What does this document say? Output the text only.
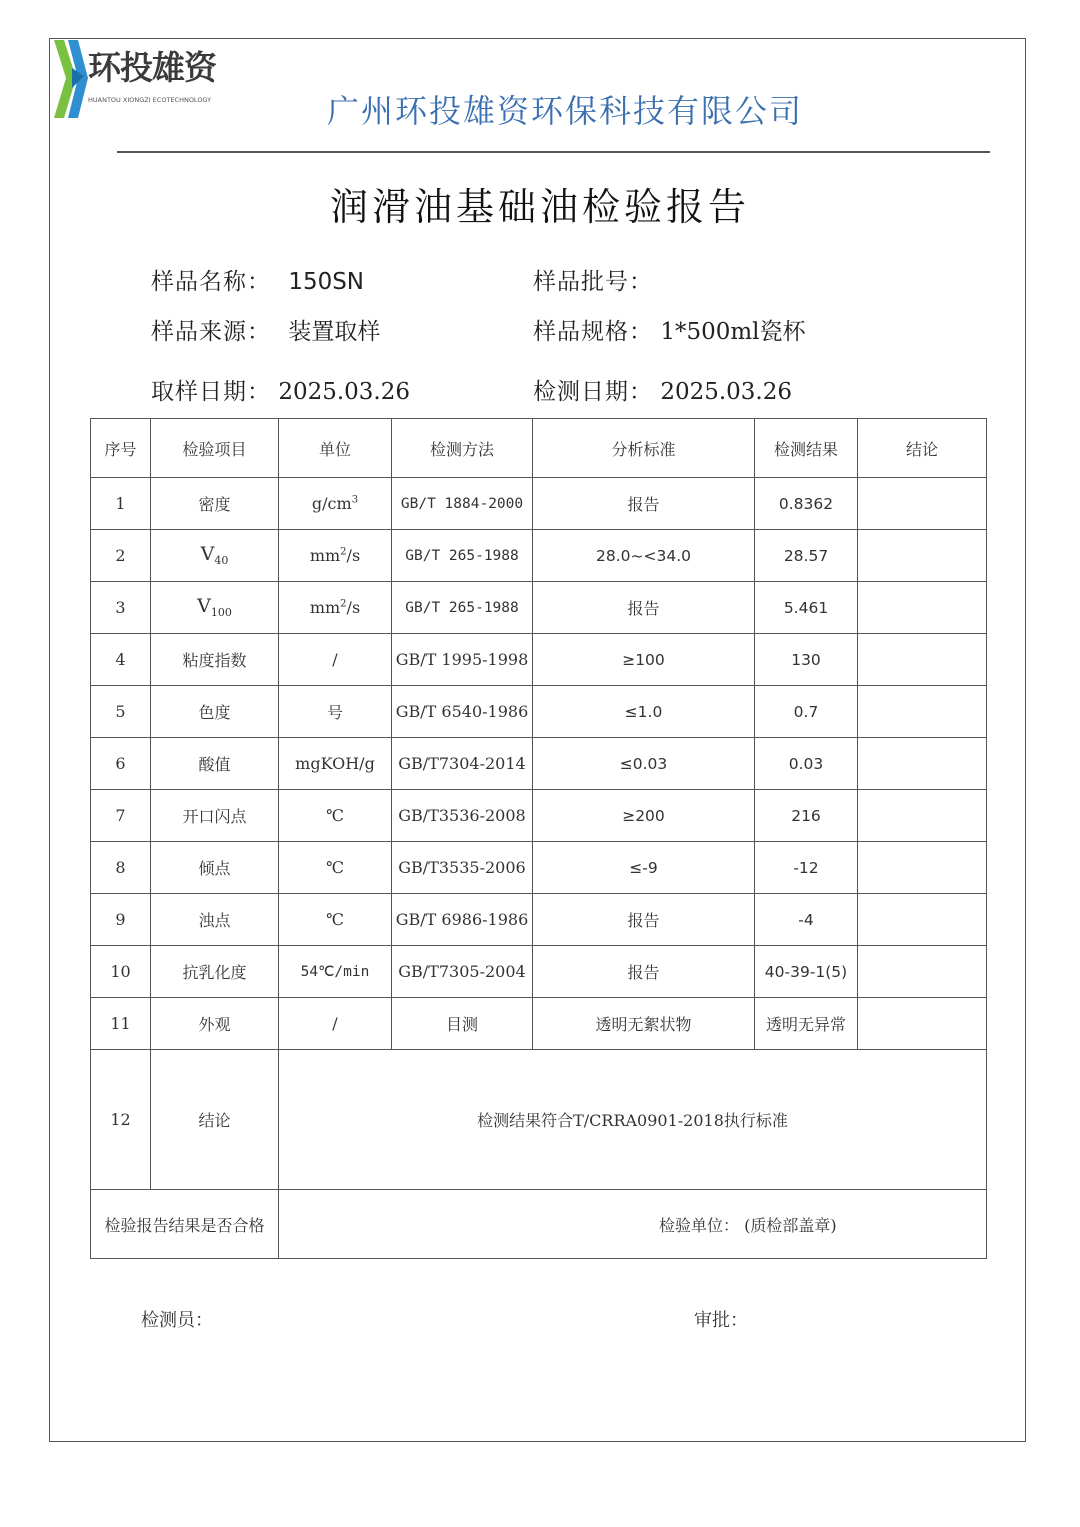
环投雄资
HUANTOU XIONGZI ECOTECHNOLOGY	广州环投雄资环保科技有限公司
润滑油基础油检验报告
样品名称： 150SN	样品批号：
样品来源： 装置取样	样品规格： 1*500ml瓷杯
取样日期： 2025.03.26	检测日期： 2025.03.26
序号	检验项目	单位	检测方法	分析标准	检测结果	结论
1	密度	$g/cm^3$	GB/T 1884-2000	报告	0.8362	
2	$V_{40}$	$mm^2/s$	GB/T 265-1988	28.0~<34.0	28.57	
3	$V_{100}$	$mm^2/s$	GB/T 265-1988	报告	5.461	
4	粘度指数	/	GB/T 1995-1998	≥100	130	
5	色度	号	GB/T 6540-1986	≤1.0	0.7	
6	酸值	mgKOH/g	GB/T7304-2014	≤0.03	0.03	
7	开口闪点	℃	GB/T3536-2008	≥200	216	
8	倾点	℃	GB/T3535-2006	≤-9	-12	
9	浊点	℃	GB/T 6986-1986	报告	-4	
10	抗乳化度	54℃/min	GB/T7305-2004	报告	40-39-1(5)	
11	外观	/	目测	透明无絮状物	透明无异常	
12	结论	检测结果符合T/CRRA0901-2018执行标准				
检验报告结果是否合格		检验单位： (质检部盖章)				
检测员：	审批：
